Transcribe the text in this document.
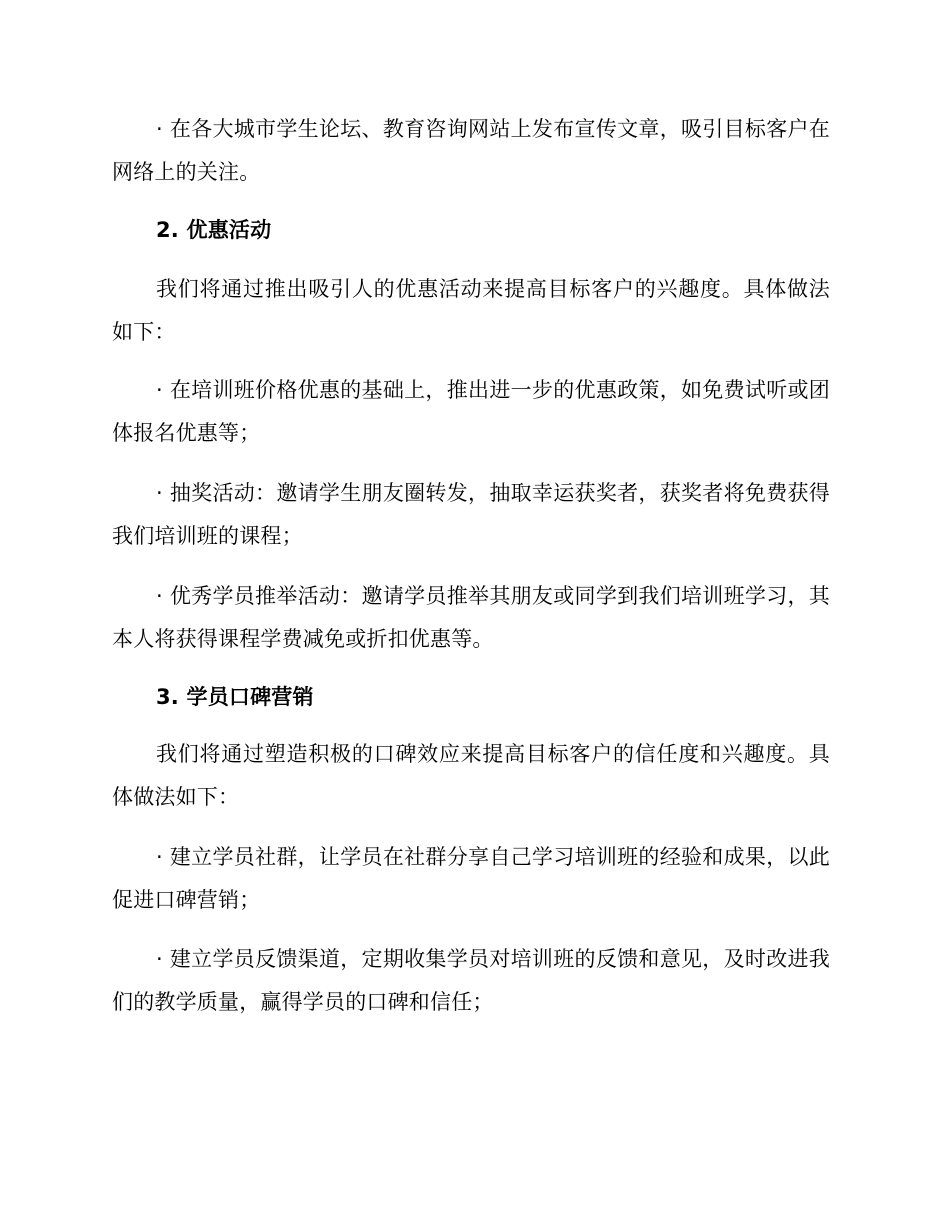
· 在各大城市学生论坛、教育咨询网站上发布宣传文章，吸引目标客户在网络上的关注。

2. 优惠活动

我们将通过推出吸引人的优惠活动来提高目标客户的兴趣度。具体做法如下：

· 在培训班价格优惠的基础上，推出进一步的优惠政策，如免费试听或团体报名优惠等；

· 抽奖活动：邀请学生朋友圈转发，抽取幸运获奖者，获奖者将免费获得我们培训班的课程；

· 优秀学员推举活动：邀请学员推举其朋友或同学到我们培训班学习，其本人将获得课程学费减免或折扣优惠等。

3. 学员口碑营销

我们将通过塑造积极的口碑效应来提高目标客户的信任度和兴趣度。具体做法如下：

· 建立学员社群，让学员在社群分享自己学习培训班的经验和成果，以此促进口碑营销；

· 建立学员反馈渠道，定期收集学员对培训班的反馈和意见，及时改进我们的教学质量，赢得学员的口碑和信任；
